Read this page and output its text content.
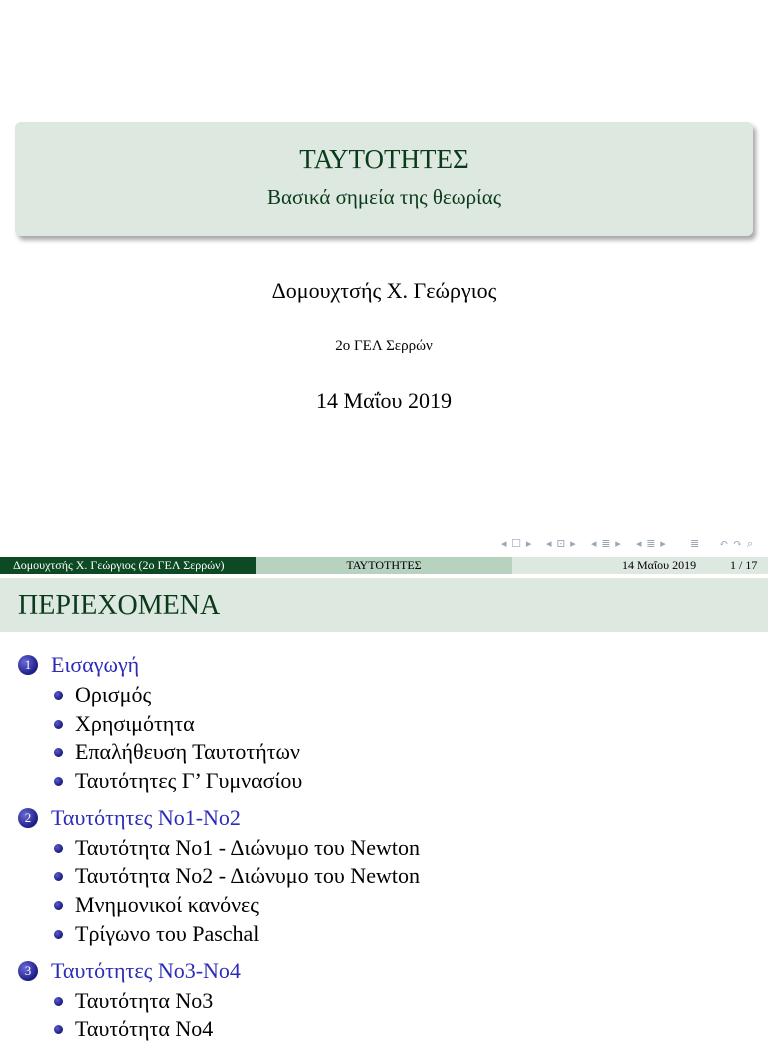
ΤΑΥΤΟΤΗΤΕΣ
Βασικά σημεία της θεωρίας
Δομουχτσής Χ. Γεώργιος
2ο ΓΕΛ Σερρών
14 Μαΐου 2019
◂ ☐ ▸ ◂ ⊡ ▸ ◂ ≣ ▸ ◂ ≣ ▸ ≣ ↶ ↷ ⌕
Δομουχτσής Χ. Γεώργιος (2ο ΓΕΛ Σερρών)	ΤΑΥΤΟΤΗΤΕΣ	14 Μαΐου 2019	1 / 17
ΠΕΡΙΕΧΟΜΕΝΑ
1 Εισαγωγή
Ορισμός
Χρησιμότητα
Επαλήθευση Ταυτοτήτων
Ταυτότητες Γ’ Γυμνασίου
2 Ταυτότητες Νο1-Νο2
Ταυτότητα Νο1 - Διώνυμο του Newton
Ταυτότητα Νο2 - Διώνυμο του Newton
Μνημονικοί κανόνες
Τρίγωνο του Paschal
3 Ταυτότητες Νο3-Νο4
Ταυτότητα Νο3
Ταυτότητα Νο4
